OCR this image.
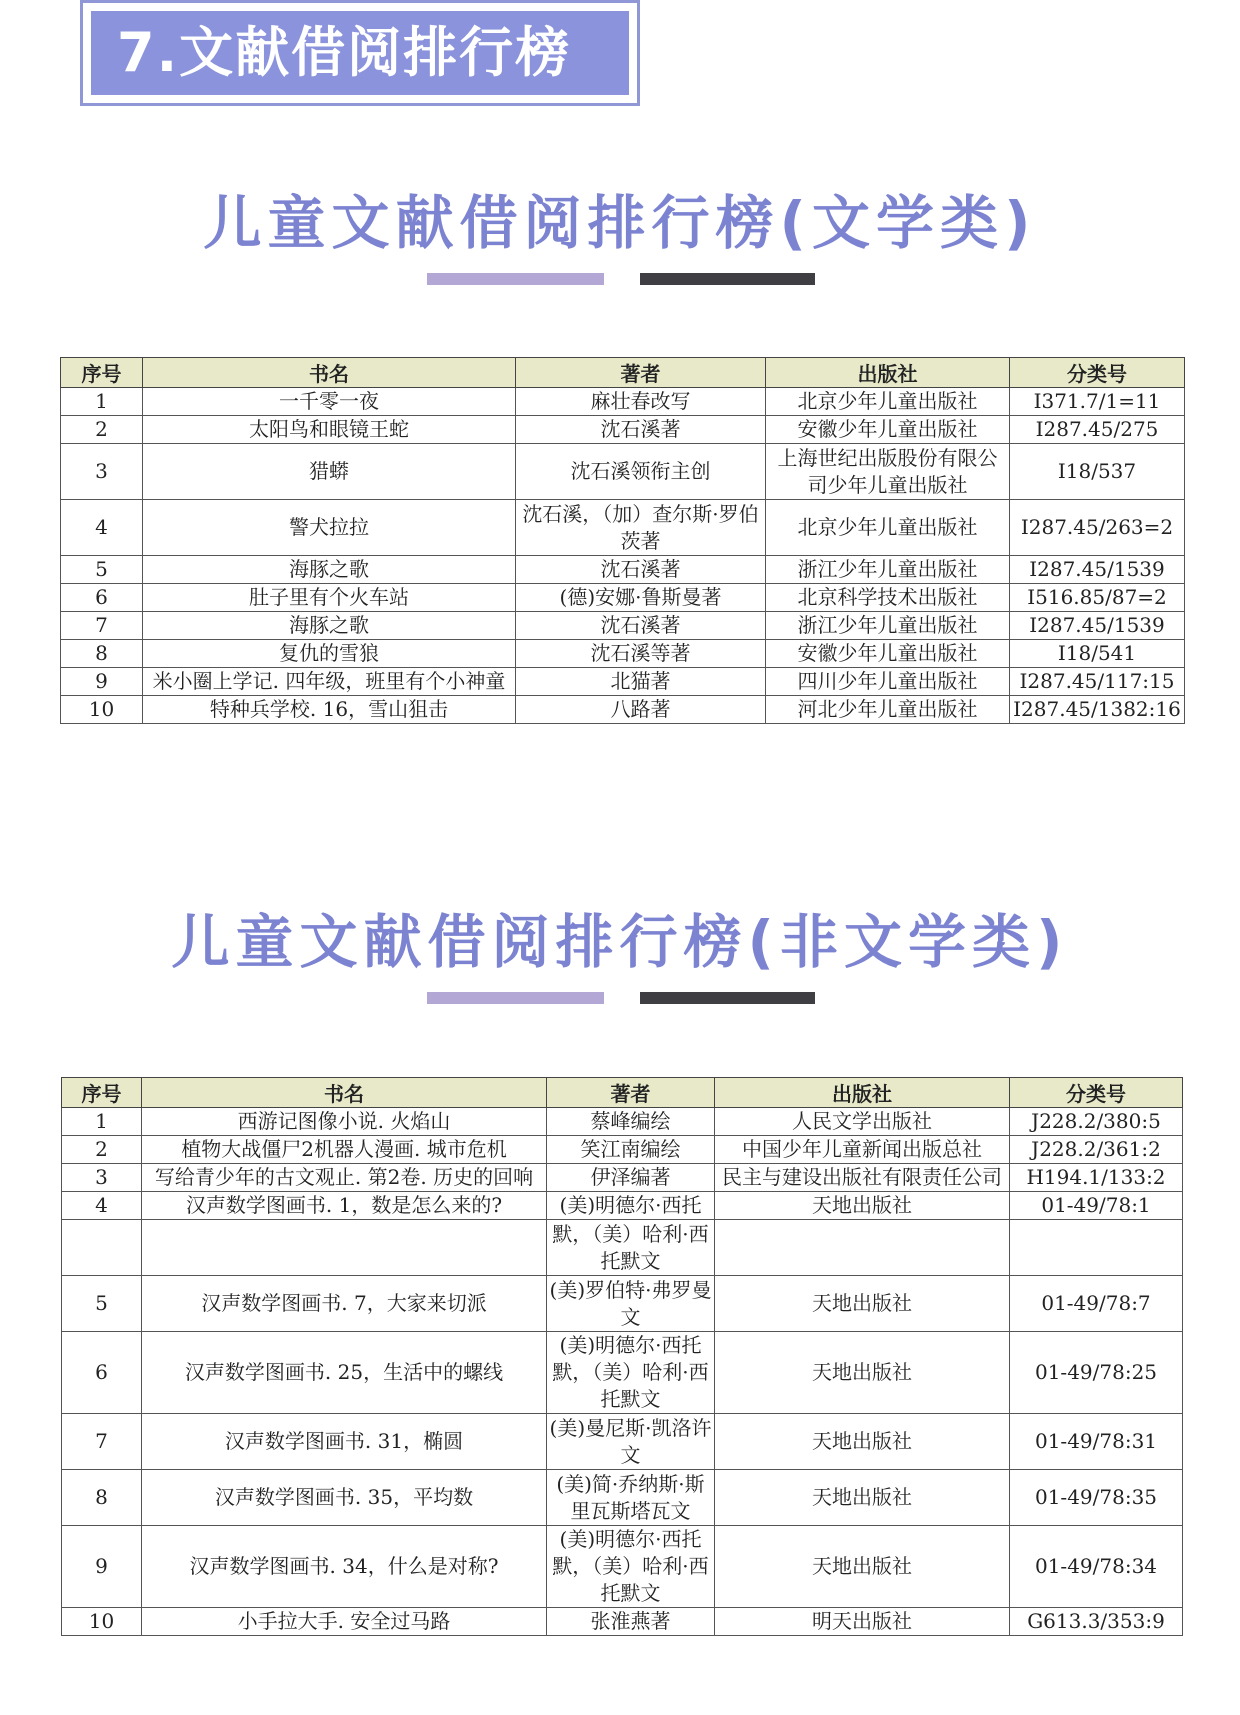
7.文献借阅排行榜
儿童文献借阅排行榜(文学类)
序号	书名	著者	出版社	分类号
1	一千零一夜	麻壮春改写	北京少年儿童出版社	I371.7/1=11
2	太阳鸟和眼镜王蛇	沈石溪著	安徽少年儿童出版社	I287.45/275
3	猎蟒	沈石溪领衔主创	上海世纪出版股份有限公司少年儿童出版社	I18/537
4	警犬拉拉	沈石溪，（加）查尔斯·罗伯茨著	北京少年儿童出版社	I287.45/263=2
5	海豚之歌	沈石溪著	浙江少年儿童出版社	I287.45/1539
6	肚子里有个火车站	(德)安娜·鲁斯曼著	北京科学技术出版社	I516.85/87=2
7	海豚之歌	沈石溪著	浙江少年儿童出版社	I287.45/1539
8	复仇的雪狼	沈石溪等著	安徽少年儿童出版社	I18/541
9	米小圈上学记. 四年级，班里有个小神童	北猫著	四川少年儿童出版社	I287.45/117:15
10	特种兵学校. 16，雪山狙击	八路著	河北少年儿童出版社	I287.45/1382:16
儿童文献借阅排行榜(非文学类)
序号	书名	著者	出版社	分类号
1	西游记图像小说. 火焰山	蔡峰编绘	人民文学出版社	J228.2/380:5
2	植物大战僵尸2机器人漫画. 城市危机	笑江南编绘	中国少年儿童新闻出版总社	J228.2/361:2
3	写给青少年的古文观止. 第2卷. 历史的回响	伊泽编著	民主与建设出版社有限责任公司	H194.1/133:2
4	汉声数学图画书. 1，数是怎么来的?	(美)明德尔·西托	天地出版社	01-49/78:1
		默，（美）哈利·西托默文		
5	汉声数学图画书. 7，大家来切派	(美)罗伯特·弗罗曼文	天地出版社	01-49/78:7
6	汉声数学图画书. 25，生活中的螺线	(美)明德尔·西托默，（美）哈利·西托默文	天地出版社	01-49/78:25
7	汉声数学图画书. 31，椭圆	(美)曼尼斯·凯洛许文	天地出版社	01-49/78:31
8	汉声数学图画书. 35，平均数	(美)简·乔纳斯·斯里瓦斯塔瓦文	天地出版社	01-49/78:35
9	汉声数学图画书. 34，什么是对称?	(美)明德尔·西托默，（美）哈利·西托默文	天地出版社	01-49/78:34
10	小手拉大手. 安全过马路	张淮燕著	明天出版社	G613.3/353:9
